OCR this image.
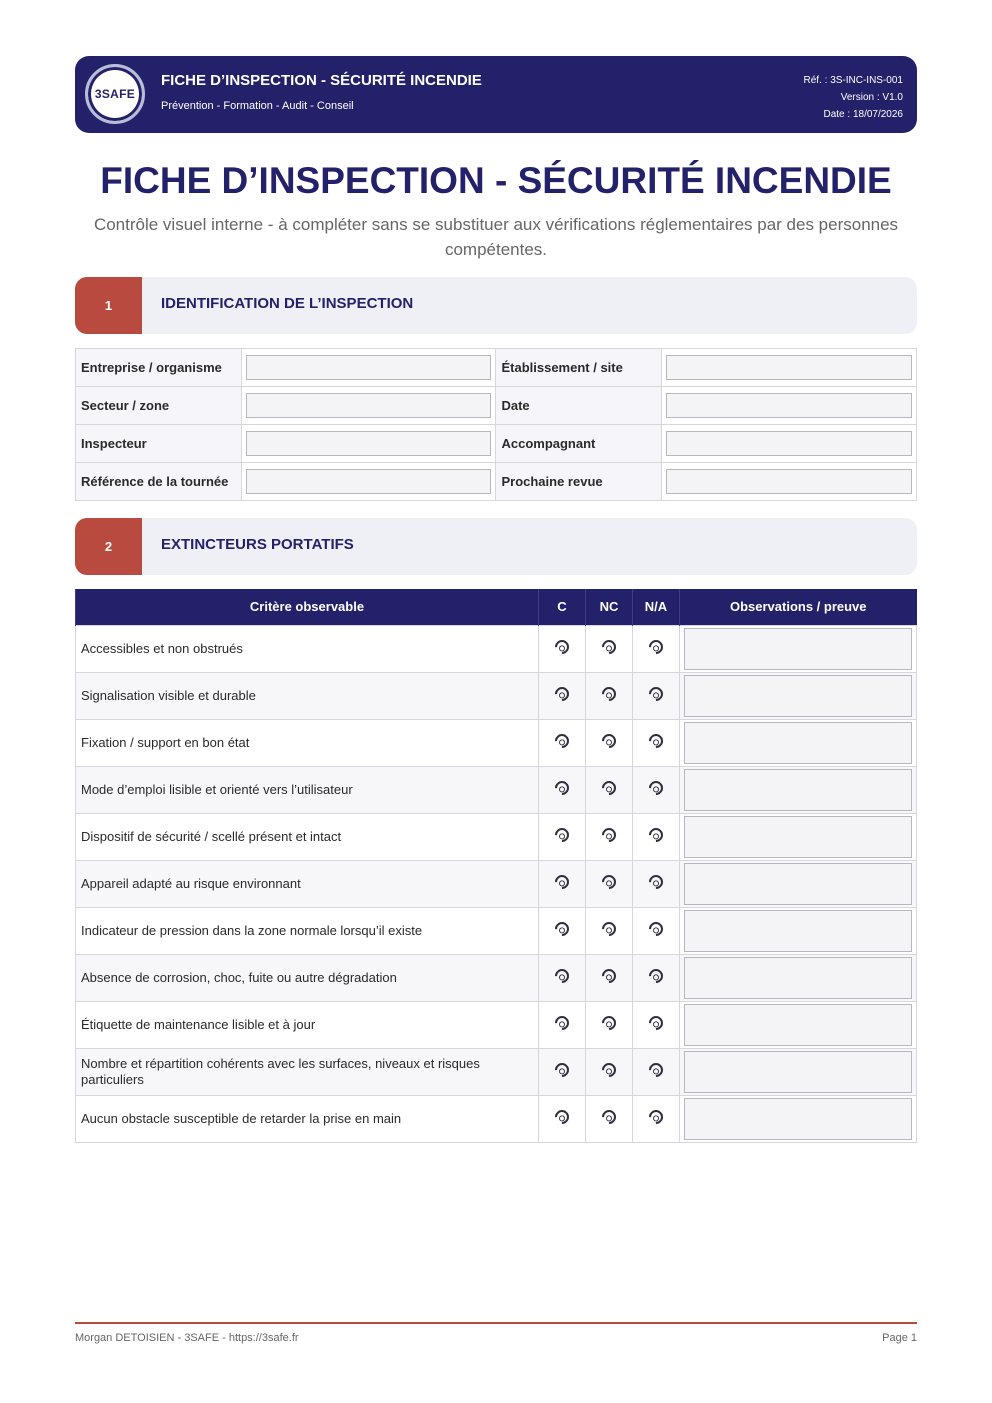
3SAFE
FICHE D’INSPECTION - SÉCURITÉ INCENDIE
Prévention - Formation - Audit - Conseil
Réf. : 3S-INC-INS-001
Version : V1.0
Date : 18/07/2026
FICHE D’INSPECTION - SÉCURITÉ INCENDIE
Contrôle visuel interne - à compléter sans se substituer aux vérifications réglementaires par des personnes compétentes.
1	IDENTIFICATION DE L’INSPECTION
Entreprise / organisme		Établissement / site	

Secteur / zone		Date	

Inspecteur		Accompagnant	

Référence de la tournée		Prochaine revue	
2	EXTINCTEURS PORTATIFS
Critère observable	C	NC	N/A	Observations / preuve
Accessibles et non obstrués				

Signalisation visible et durable				

Fixation / support en bon état				

Mode d’emploi lisible et orienté vers l’utilisateur				

Dispositif de sécurité / scellé présent et intact				

Appareil adapté au risque environnant				

Indicateur de pression dans la zone normale lorsqu’il existe				

Absence de corrosion, choc, fuite ou autre dégradation				

Étiquette de maintenance lisible et à jour				

Nombre et répartition cohérents avec les surfaces, niveaux et risques particuliers				

Aucun obstacle susceptible de retarder la prise en main				
Morgan DETOISIEN - 3SAFE - https://3safe.fr	Page 1
